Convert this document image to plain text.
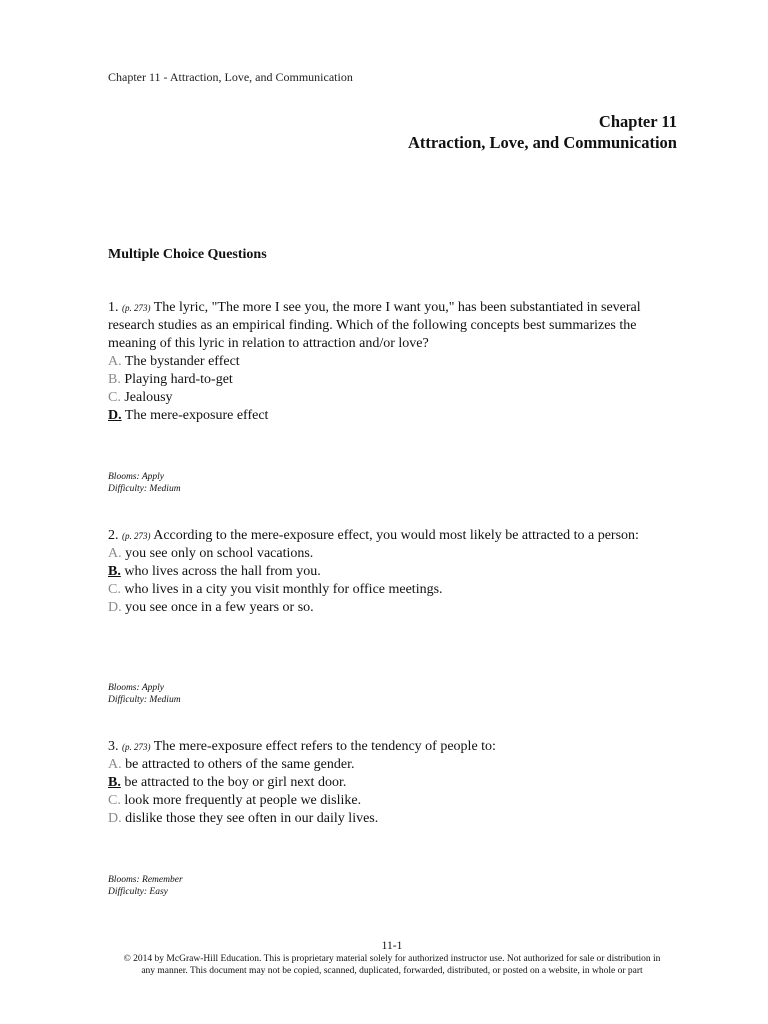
Chapter 11 - Attraction, Love, and Communication
Chapter 11
Attraction, Love, and Communication
Multiple Choice Questions
1. (p. 273) The lyric, "The more I see you, the more I want you," has been substantiated in several research studies as an empirical finding. Which of the following concepts best summarizes the meaning of this lyric in relation to attraction and/or love?
A. The bystander effect
B. Playing hard-to-get
C. Jealousy
D. The mere-exposure effect
Blooms: Apply
Difficulty: Medium
2. (p. 273) According to the mere-exposure effect, you would most likely be attracted to a person:
A. you see only on school vacations.
B. who lives across the hall from you.
C. who lives in a city you visit monthly for office meetings.
D. you see once in a few years or so.
Blooms: Apply
Difficulty: Medium
3. (p. 273) The mere-exposure effect refers to the tendency of people to:
A. be attracted to others of the same gender.
B. be attracted to the boy or girl next door.
C. look more frequently at people we dislike.
D. dislike those they see often in our daily lives.
Blooms: Remember
Difficulty: Easy
11-1
© 2014 by McGraw-Hill Education. This is proprietary material solely for authorized instructor use. Not authorized for sale or distribution in
any manner. This document may not be copied, scanned, duplicated, forwarded, distributed, or posted on a website, in whole or part
